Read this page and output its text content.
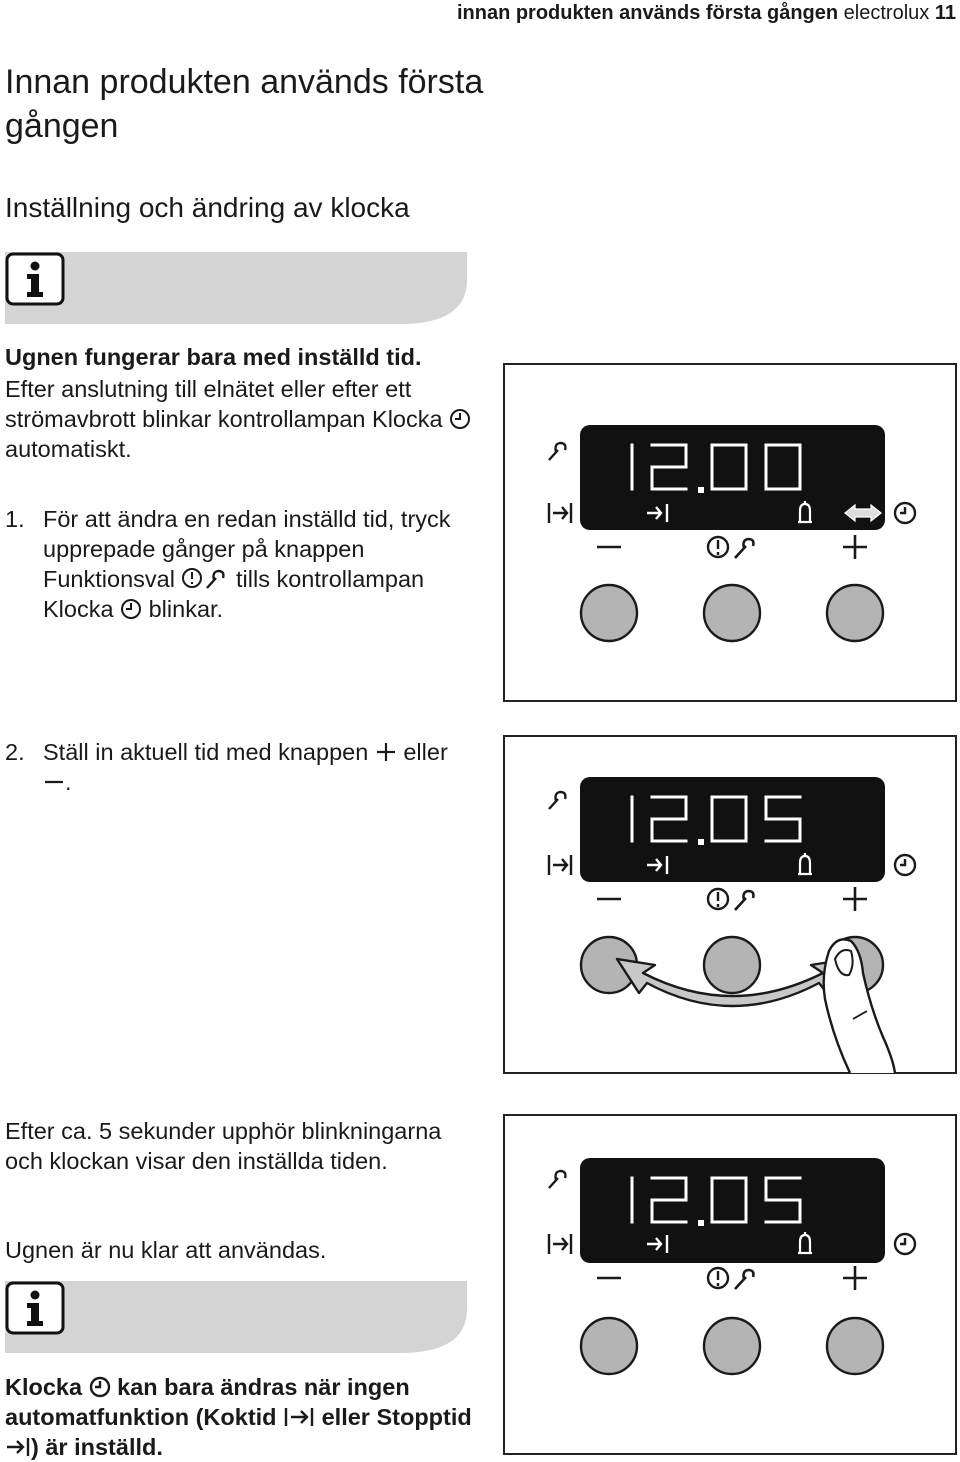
innan produkten används första gången electrolux 11
Innan produkten används första gången
Inställning och ändring av klocka
Ugnen fungerar bara med inställd tid.
Efter anslutning till elnätet eller efter ett strömavbrott blinkar kontrollampan Klocka  automatiskt.
1. För att ändra en redan inställd tid, tryck upprepade gånger på knappen Funktionsval	tills kontrollampan Klocka blinkar.
2. Ställ in aktuell tid med knappen eller .
Efter ca. 5 sekunder upphör blinkningarna och klockan visar den inställda tiden.
Ugnen är nu klar att användas.
Klocka kan bara ändras när ingen automatfunktion (Koktid eller Stopptid ) är inställd.
